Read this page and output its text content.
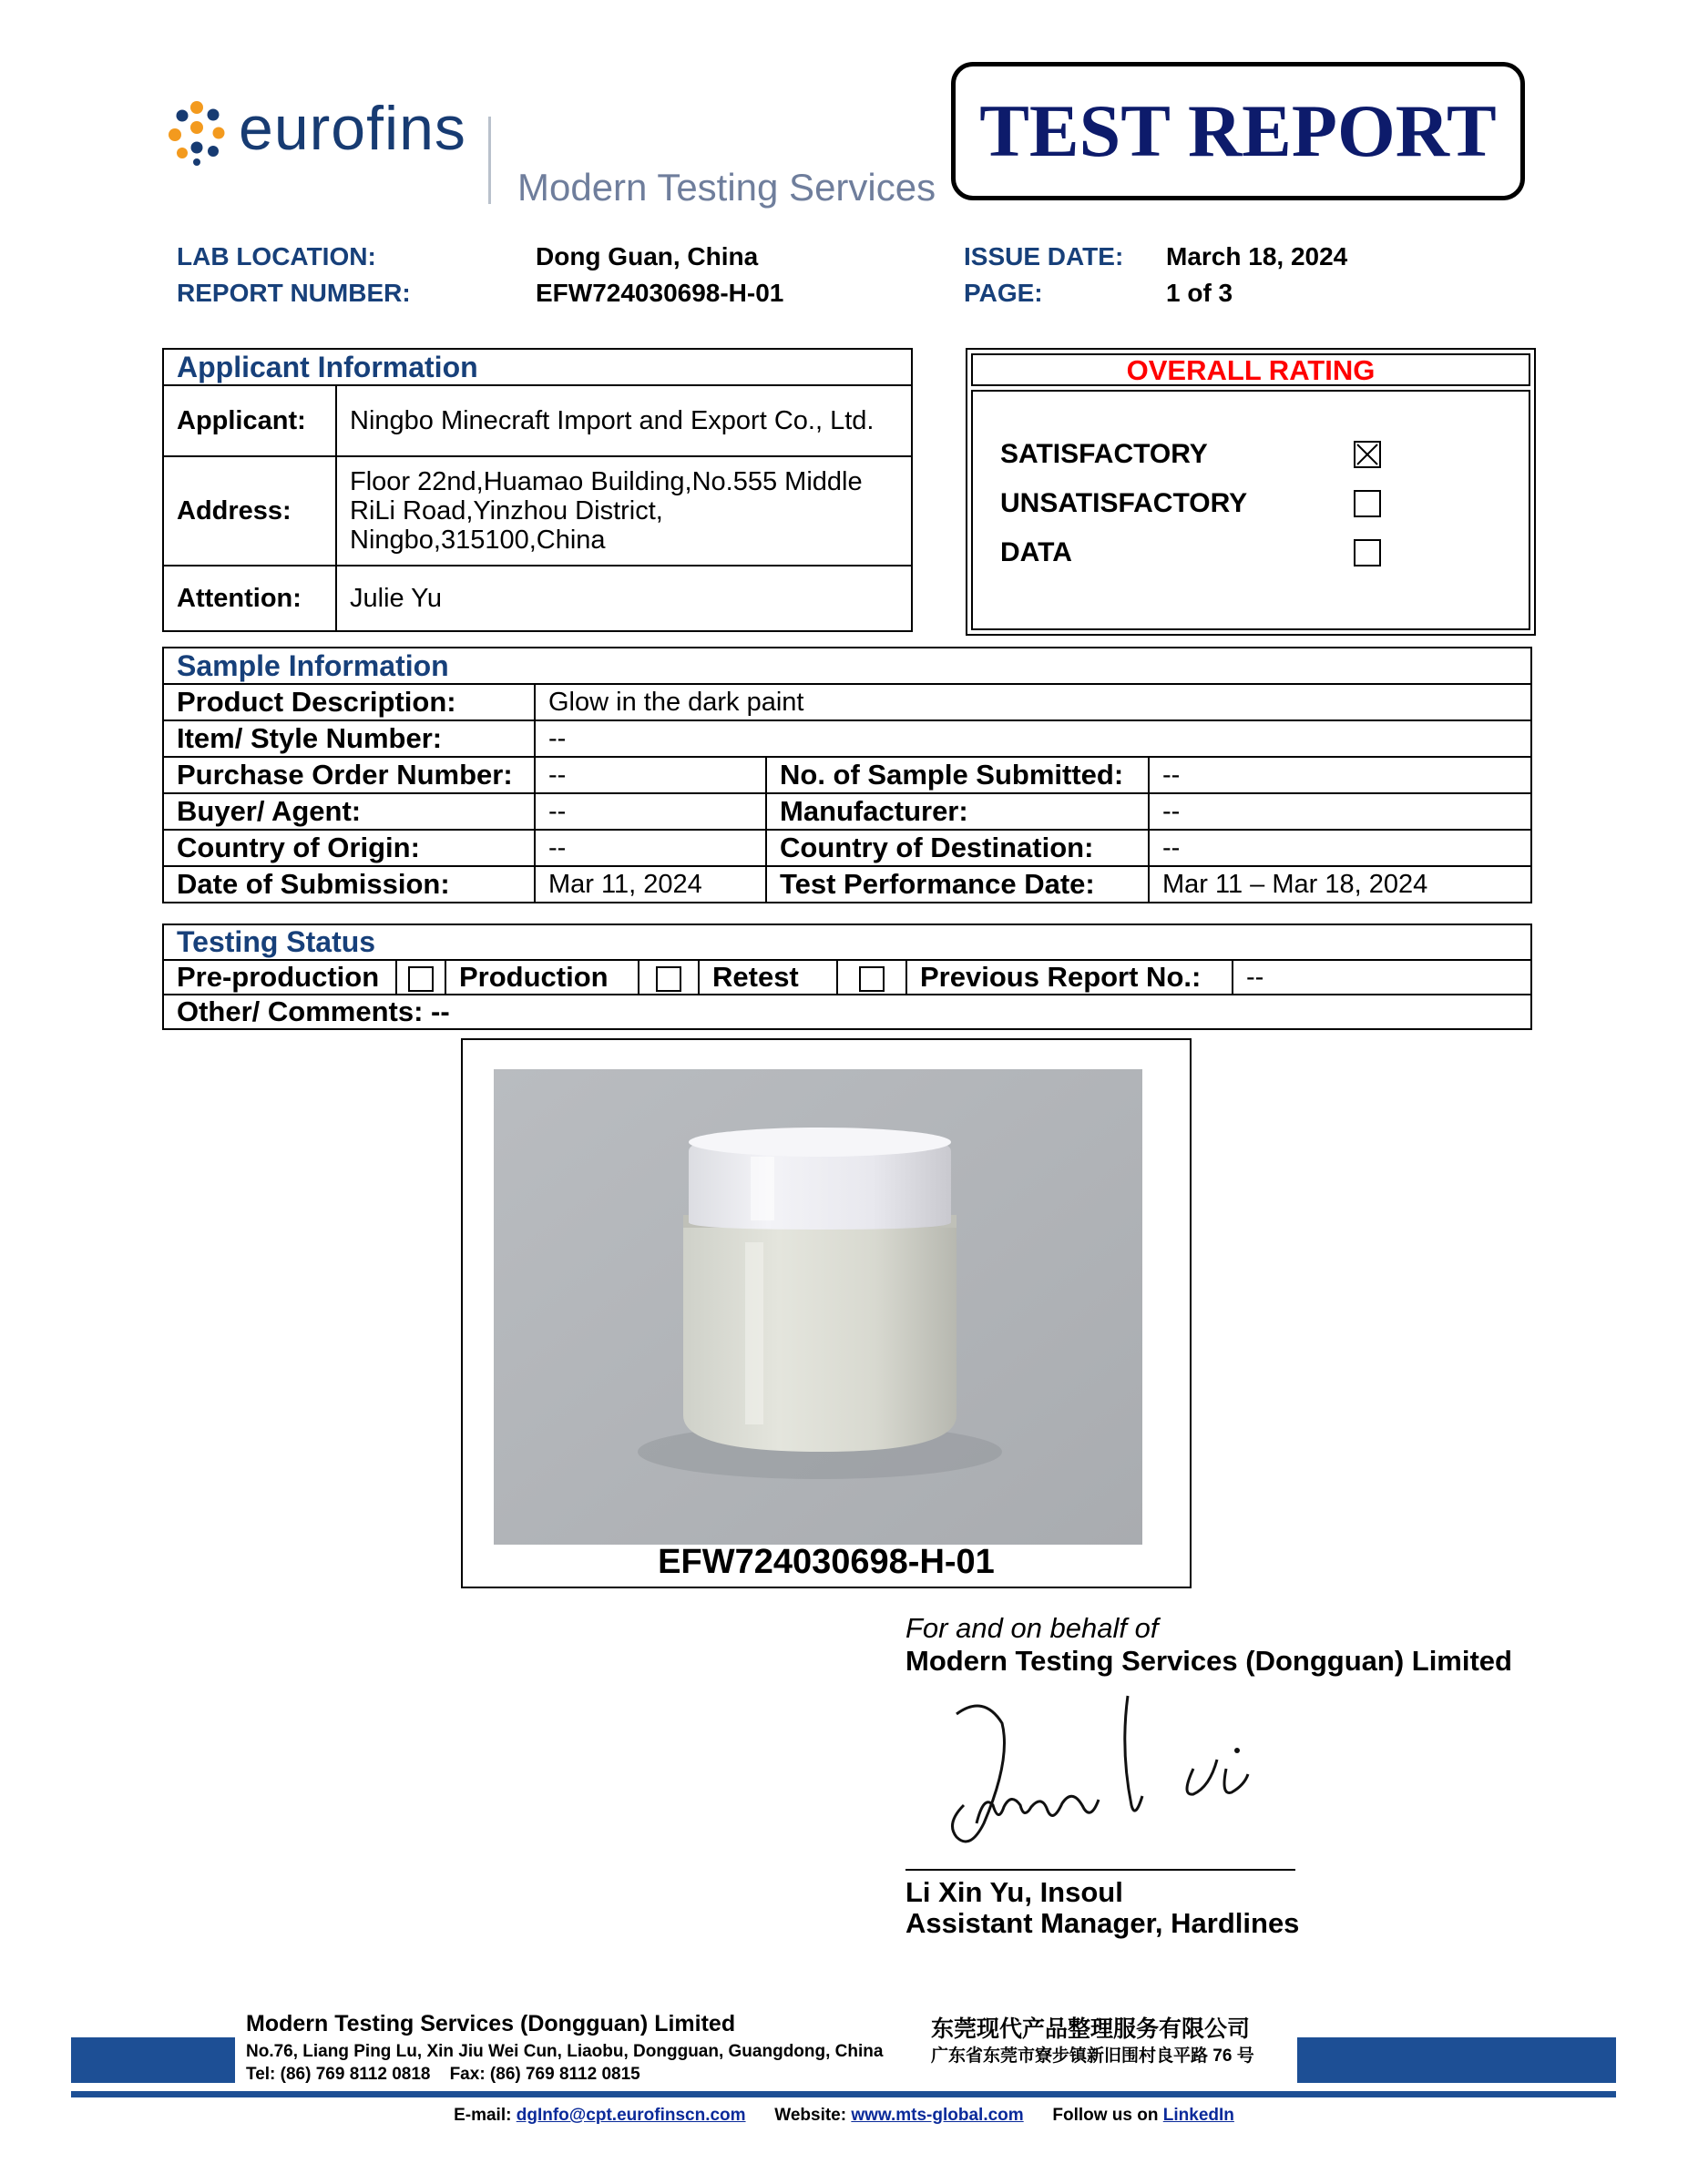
eurofins
Modern Testing Services
TEST REPORT
LAB LOCATION:	Dong Guan, China
REPORT NUMBER:	EFW724030698-H-01
ISSUE DATE: March 18, 2024
PAGE:	1 of 3
Applicant Information	
Applicant:	Ningbo Minecraft Import and Export Co., Ltd.
Address:	Floor 22nd,Huamao Building,No.555 Middle
RiLi Road,Yinzhou District,
Ningbo,315100,China

Attention:	Julie Yu
OVERALL RATING
SATISFACTORY
UNSATISFACTORY
DATA
Sample Information			
Product Description:	Glow in the dark paint		
Item/ Style Number:	--		
Purchase Order Number:	--	No. of Sample Submitted:	--
Buyer/ Agent:	--	Manufacturer:	--
Country of Origin:	--	Country of Destination:	--
Date of Submission:	Mar 11, 2024	Test Performance Date:	Mar 11 – Mar 18, 2024
Testing Status
Pre-production		Production		Retest		Previous Report No.:	--
Other/ Comments: --
EFW724030698-H-01
For and on behalf of
Modern Testing Services (Dongguan) Limited
Li Xin Yu, Insoul
Assistant Manager, Hardlines
Modern Testing Services (Dongguan) Limited
No.76, Liang Ping Lu, Xin Jiu Wei Cun, Liaobu, Dongguan, Guangdong, China
Tel: (86) 769 8112 0818    Fax: (86) 769 8112 0815
东莞现代产品整理服务有限公司
广东省东莞市寮步镇新旧围村良平路 76 号
E-mail: dgInfo@cpt.eurofinscn.com Website: www.mts-global.com Follow us on LinkedIn
